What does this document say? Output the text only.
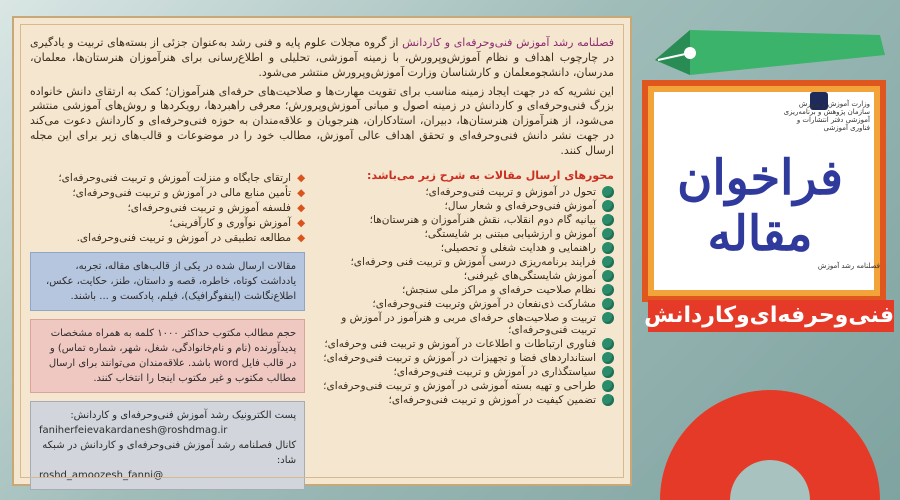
وزارت آموزش و پرورش سازمان پژوهش و برنامه‌ریزی آموزشی دفتر انتشارات و فناوری آموزشی
فراخوان مقاله
فصلنامه رشد آموزش
فنی‌وحرفه‌ای‌وکاردانش

فصلنامه رشد آموزش فنی‌وحرفه‌ای و کاردانش از گروه مجلات علوم پایه و فنی رشد به‌عنوان جزئی از بسته‌های تربیت و یادگیری در چارچوب اهداف و نظام آموزش‌وپرورش، با زمینه آموزشی، تحلیلی و اطلاع‌رسانی برای هنرآموزان هنرستان‌ها، معلمان، مدرسان، دانشجومعلمان و کارشناسان وزارت آموزش‌وپرورش منتشر می‌شود.

این نشریه که در جهت ایجاد زمینه مناسب برای تقویت مهارت‌ها و صلاحیت‌های حرفه‌ای هنرآموزان؛ کمک به ارتقای دانش خانواده بزرگ فنی‌وحرفه‌ای و کاردانش در زمینه اصول و مبانی آموزش‌وپرورش؛ معرفی راهبردها، رویکردها و روش‌های آموزشی منتشر می‌شود، از هنرآموزان هنرستان‌ها، دبیران، استادکاران، هنرجویان و علاقه‌مندان به حوزه فنی‌وحرفه‌ای و کاردانش دعوت می‌کند در جهت نشر دانش فنی‌وحرفه‌ای و تحقق اهداف عالی آموزش، مطالب خود را در موضوعات و قالب‌های زیر برای این مجله ارسال کنند.

محورهای ارسال مقالات به شرح زیر می‌باشد:
تحول در آموزش و تربیت فنی‌وحرفه‌ای؛
آموزش فنی‌وحرفه‌ای و شعار سال؛
بیانیه گام دوم انقلاب، نقش هنرآموزان و هنرستان‌ها؛
آموزش و ارزشیابی مبتنی بر شایستگی؛
راهنمایی و هدایت شغلی و تحصیلی؛
فرایند برنامه‌ریزی درسی آموزش و تربیت فنی وحرفه‌ای؛
آموزش شایستگی‌های غیرفنی؛
نظام صلاحیت حرفه‌ای و مراکز ملی سنجش؛
مشارکت ذی‌نفعان در آموزش وتربیت فنی‌وحرفه‌ای؛
تربیت و صلاحیت‌های حرفه‌ای مربی و هنرآموز در آموزش و تربیت فنی‌وحرفه‌ای؛
فناوری ارتباطات و اطلاعات در آموزش و تربیت فنی وحرفه‌ای؛
استانداردهای فضا و تجهیزات در آموزش و تربیت فنی‌وحرفه‌ای؛
سیاستگذاری در آموزش و تربیت فنی‌وحرفه‌ای؛
طراحی و تهیه بسته آموزشی در آموزش و تربیت فنی‌وحرفه‌ای؛
تضمین کیفیت در آموزش و تربیت فنی‌وحرفه‌ای؛
◆
ارتقای جایگاه و منزلت آموزش و تربیت فنی‌وحرفه‌ای؛
◆
تأمین منابع مالی در آموزش و تربیت فنی‌وحرفه‌ای؛
◆
فلسفه آموزش و تربیت فنی‌وحرفه‌ای؛
◆
آموزش نوآوری و کارآفرینی؛
◆
مطالعه تطبیقی در آموزش و تربیت فنی‌وحرفه‌ای.
مقالات ارسال شده در یکی از قالب‌های مقاله، تجربه، یادداشت کوتاه، خاطره، قصه و داستان، طنز، حکایت، عکس، اطلاع‌نگاشت (اینفوگرافیک)، فیلم، پادکست و ... باشند.
حجم مطالب مکتوب حداکثر ۱۰۰۰ کلمه به همراه مشخصات پدیدآورنده (نام و نام‌خانوادگی، شغل، شهر، شماره تماس) و در قالب فایل word باشد. علاقه‌مندان می‌توانند برای ارسال مطالب مکتوب و غیر مکتوب اینجا را انتخاب کنند.
پست الکترونیک رشد آموزش فنی‌وحرفه‌ای و کاردانش:
faniherfeievakardanesh@roshdmag.ir
کانال فصلنامه رشد آموزش فنی‌وحرفه‌ای و کاردانش در شبکه شاد:
roshd_amoozesh_fanni@
